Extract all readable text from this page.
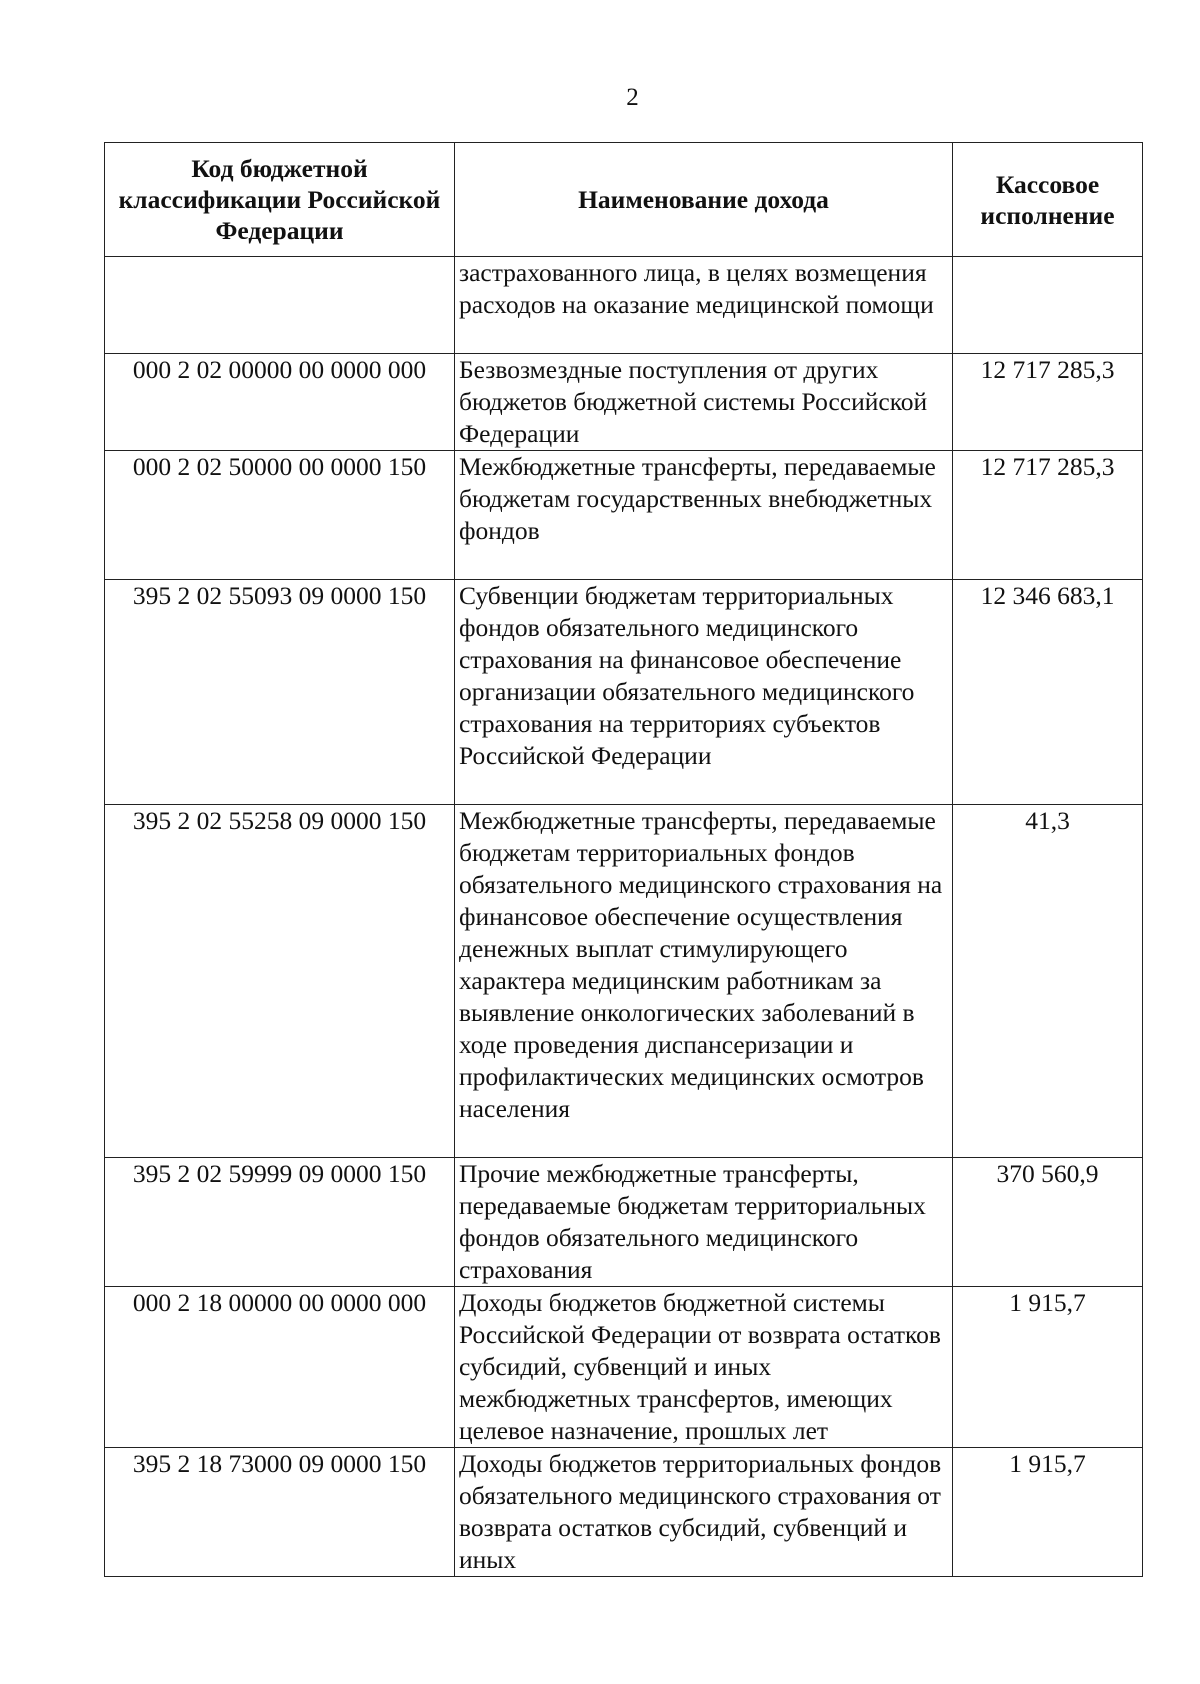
2
Код бюджетной классификации Российской Федерации	Наименование дохода	Кассовое исполнение
	застрахованного лица, в целях возмещения расходов на оказание медицинской помощи	
000 2 02 00000 00 0000 000	Безвозмездные поступления от других бюджетов бюджетной системы Российской Федерации	12 717 285,3
000 2 02 50000 00 0000 150	Межбюджетные трансферты, передаваемые бюджетам государственных внебюджетных фондов	12 717 285,3
395 2 02 55093 09 0000 150	Субвенции бюджетам территориальных фондов обязательного медицинского страхования на финансовое обеспечение организации обязательного медицинского страхования на территориях субъектов Российской Федерации	12 346 683,1
395 2 02 55258 09 0000 150	Межбюджетные трансферты, передаваемые бюджетам территориальных фондов обязательного медицинского страхования на финансовое обеспечение осуществления денежных выплат стимулирующего характера медицинским работникам за выявление онкологических заболеваний в ходе проведения диспансеризации и профилактических медицинских осмотров населения	41,3
395 2 02 59999 09 0000 150	Прочие межбюджетные трансферты, передаваемые бюджетам территориальных фондов обязательного медицинского страхования	370 560,9
000 2 18 00000 00 0000 000	Доходы бюджетов бюджетной системы Российской Федерации от возврата остатков субсидий, субвенций и иных межбюджетных трансфертов, имеющих целевое назначение, прошлых лет	1 915,7
395 2 18 73000 09 0000 150	Доходы бюджетов территориальных фондов обязательного медицинского страхования от возврата остатков субсидий, субвенций и иных	1 915,7
